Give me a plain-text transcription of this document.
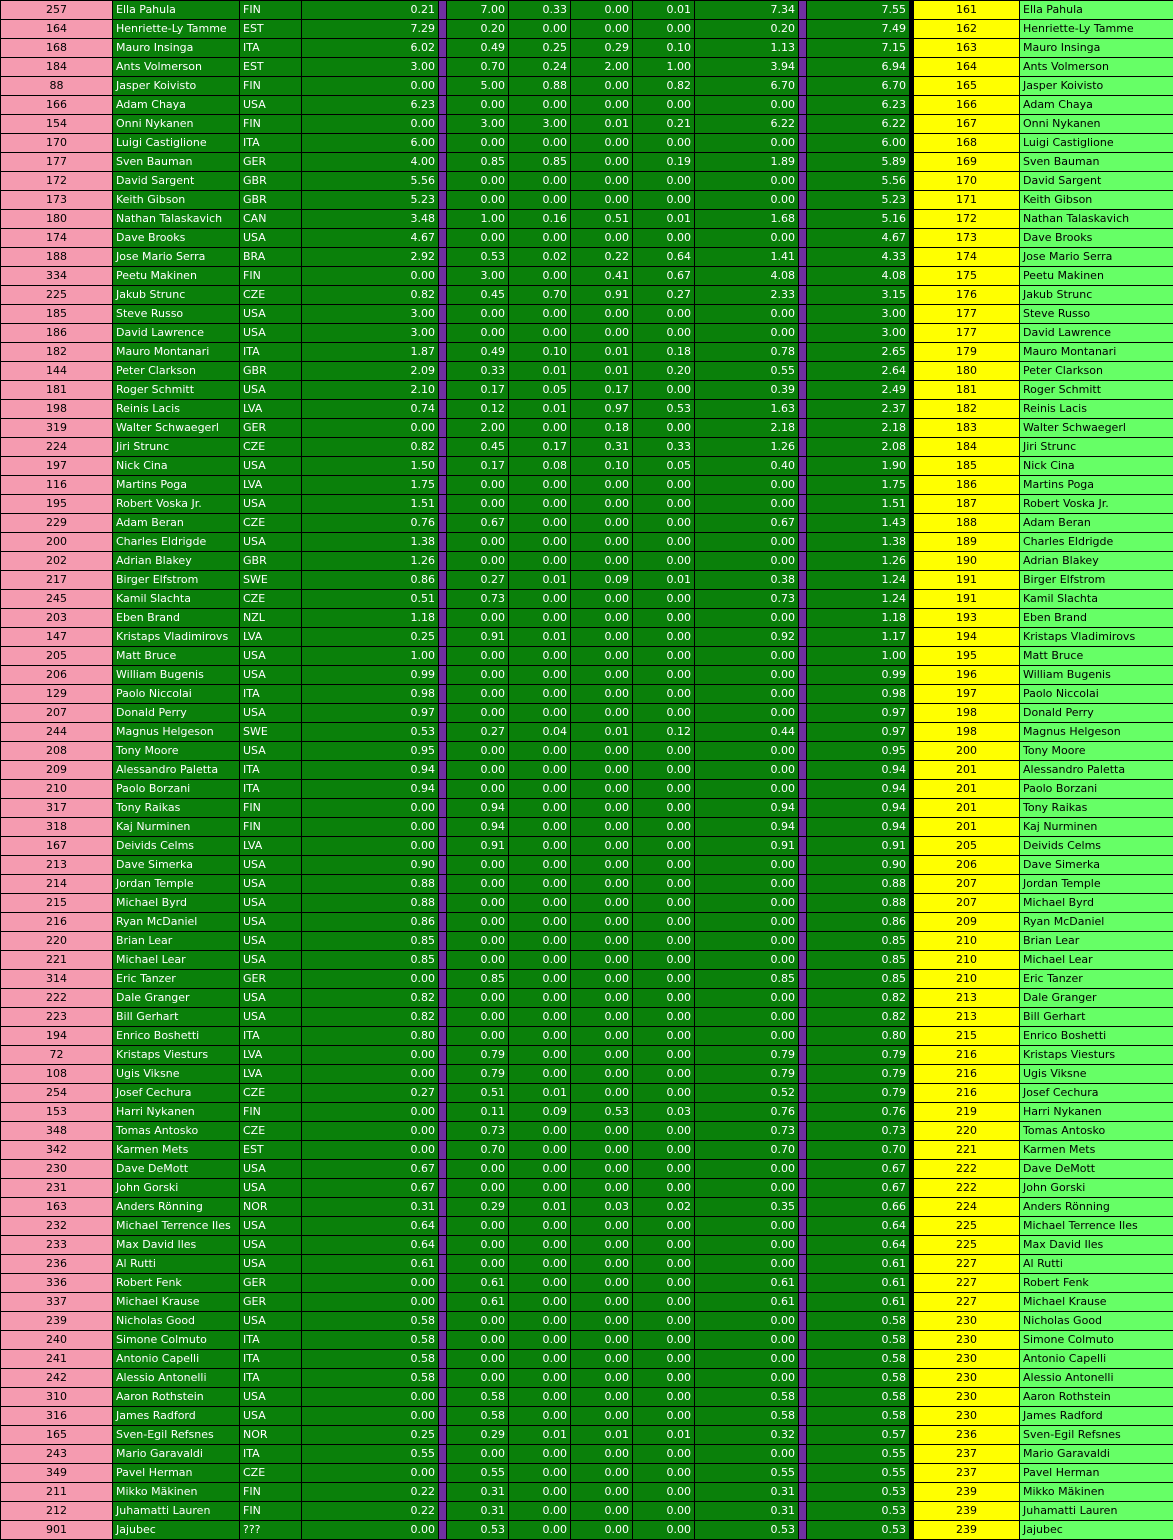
257	Ella Pahula	FIN	0.21		7.00	0.33	0.00	0.01	7.34		7.55		161	Ella Pahula
164	Henriette-Ly Tamme	EST	7.29		0.20	0.00	0.00	0.00	0.20		7.49		162	Henriette-Ly Tamme
168	Mauro Insinga	ITA	6.02		0.49	0.25	0.29	0.10	1.13		7.15		163	Mauro Insinga
184	Ants Volmerson	EST	3.00		0.70	0.24	2.00	1.00	3.94		6.94		164	Ants Volmerson
88	Jasper Koivisto	FIN	0.00		5.00	0.88	0.00	0.82	6.70		6.70		165	Jasper Koivisto
166	Adam Chaya	USA	6.23		0.00	0.00	0.00	0.00	0.00		6.23		166	Adam Chaya
154	Onni Nykanen	FIN	0.00		3.00	3.00	0.01	0.21	6.22		6.22		167	Onni Nykanen
170	Luigi Castiglione	ITA	6.00		0.00	0.00	0.00	0.00	0.00		6.00		168	Luigi Castiglione
177	Sven Bauman	GER	4.00		0.85	0.85	0.00	0.19	1.89		5.89		169	Sven Bauman
172	David Sargent	GBR	5.56		0.00	0.00	0.00	0.00	0.00		5.56		170	David Sargent
173	Keith Gibson	GBR	5.23		0.00	0.00	0.00	0.00	0.00		5.23		171	Keith Gibson
180	Nathan Talaskavich	CAN	3.48		1.00	0.16	0.51	0.01	1.68		5.16		172	Nathan Talaskavich
174	Dave Brooks	USA	4.67		0.00	0.00	0.00	0.00	0.00		4.67		173	Dave Brooks
188	Jose Mario Serra	BRA	2.92		0.53	0.02	0.22	0.64	1.41		4.33		174	Jose Mario Serra
334	Peetu Makinen	FIN	0.00		3.00	0.00	0.41	0.67	4.08		4.08		175	Peetu Makinen
225	Jakub Strunc	CZE	0.82		0.45	0.70	0.91	0.27	2.33		3.15		176	Jakub Strunc
185	Steve Russo	USA	3.00		0.00	0.00	0.00	0.00	0.00		3.00		177	Steve Russo
186	David Lawrence	USA	3.00		0.00	0.00	0.00	0.00	0.00		3.00		177	David Lawrence
182	Mauro Montanari	ITA	1.87		0.49	0.10	0.01	0.18	0.78		2.65		179	Mauro Montanari
144	Peter Clarkson	GBR	2.09		0.33	0.01	0.01	0.20	0.55		2.64		180	Peter Clarkson
181	Roger Schmitt	USA	2.10		0.17	0.05	0.17	0.00	0.39		2.49		181	Roger Schmitt
198	Reinis Lacis	LVA	0.74		0.12	0.01	0.97	0.53	1.63		2.37		182	Reinis Lacis
319	Walter Schwaegerl	GER	0.00		2.00	0.00	0.18	0.00	2.18		2.18		183	Walter Schwaegerl
224	Jiri Strunc	CZE	0.82		0.45	0.17	0.31	0.33	1.26		2.08		184	Jiri Strunc
197	Nick Cina	USA	1.50		0.17	0.08	0.10	0.05	0.40		1.90		185	Nick Cina
116	Martins Poga	LVA	1.75		0.00	0.00	0.00	0.00	0.00		1.75		186	Martins Poga
195	Robert Voska Jr.	USA	1.51		0.00	0.00	0.00	0.00	0.00		1.51		187	Robert Voska Jr.
229	Adam Beran	CZE	0.76		0.67	0.00	0.00	0.00	0.67		1.43		188	Adam Beran
200	Charles Eldrigde	USA	1.38		0.00	0.00	0.00	0.00	0.00		1.38		189	Charles Eldrigde
202	Adrian Blakey	GBR	1.26		0.00	0.00	0.00	0.00	0.00		1.26		190	Adrian Blakey
217	Birger Elfstrom	SWE	0.86		0.27	0.01	0.09	0.01	0.38		1.24		191	Birger Elfstrom
245	Kamil Slachta	CZE	0.51		0.73	0.00	0.00	0.00	0.73		1.24		191	Kamil Slachta
203	Eben Brand	NZL	1.18		0.00	0.00	0.00	0.00	0.00		1.18		193	Eben Brand
147	Kristaps Vladimirovs	LVA	0.25		0.91	0.01	0.00	0.00	0.92		1.17		194	Kristaps Vladimirovs
205	Matt Bruce	USA	1.00		0.00	0.00	0.00	0.00	0.00		1.00		195	Matt Bruce
206	William Bugenis	USA	0.99		0.00	0.00	0.00	0.00	0.00		0.99		196	William Bugenis
129	Paolo Niccolai	ITA	0.98		0.00	0.00	0.00	0.00	0.00		0.98		197	Paolo Niccolai
207	Donald Perry	USA	0.97		0.00	0.00	0.00	0.00	0.00		0.97		198	Donald Perry
244	Magnus Helgeson	SWE	0.53		0.27	0.04	0.01	0.12	0.44		0.97		198	Magnus Helgeson
208	Tony Moore	USA	0.95		0.00	0.00	0.00	0.00	0.00		0.95		200	Tony Moore
209	Alessandro Paletta	ITA	0.94		0.00	0.00	0.00	0.00	0.00		0.94		201	Alessandro Paletta
210	Paolo Borzani	ITA	0.94		0.00	0.00	0.00	0.00	0.00		0.94		201	Paolo Borzani
317	Tony Raikas	FIN	0.00		0.94	0.00	0.00	0.00	0.94		0.94		201	Tony Raikas
318	Kaj Nurminen	FIN	0.00		0.94	0.00	0.00	0.00	0.94		0.94		201	Kaj Nurminen
167	Deivids Celms	LVA	0.00		0.91	0.00	0.00	0.00	0.91		0.91		205	Deivids Celms
213	Dave Simerka	USA	0.90		0.00	0.00	0.00	0.00	0.00		0.90		206	Dave Simerka
214	Jordan Temple	USA	0.88		0.00	0.00	0.00	0.00	0.00		0.88		207	Jordan Temple
215	Michael Byrd	USA	0.88		0.00	0.00	0.00	0.00	0.00		0.88		207	Michael Byrd
216	Ryan McDaniel	USA	0.86		0.00	0.00	0.00	0.00	0.00		0.86		209	Ryan McDaniel
220	Brian Lear	USA	0.85		0.00	0.00	0.00	0.00	0.00		0.85		210	Brian Lear
221	Michael Lear	USA	0.85		0.00	0.00	0.00	0.00	0.00		0.85		210	Michael Lear
314	Eric Tanzer	GER	0.00		0.85	0.00	0.00	0.00	0.85		0.85		210	Eric Tanzer
222	Dale Granger	USA	0.82		0.00	0.00	0.00	0.00	0.00		0.82		213	Dale Granger
223	Bill Gerhart	USA	0.82		0.00	0.00	0.00	0.00	0.00		0.82		213	Bill Gerhart
194	Enrico Boshetti	ITA	0.80		0.00	0.00	0.00	0.00	0.00		0.80		215	Enrico Boshetti
72	Kristaps Viesturs	LVA	0.00		0.79	0.00	0.00	0.00	0.79		0.79		216	Kristaps Viesturs
108	Ugis Viksne	LVA	0.00		0.79	0.00	0.00	0.00	0.79		0.79		216	Ugis Viksne
254	Josef Cechura	CZE	0.27		0.51	0.01	0.00	0.00	0.52		0.79		216	Josef Cechura
153	Harri Nykanen	FIN	0.00		0.11	0.09	0.53	0.03	0.76		0.76		219	Harri Nykanen
348	Tomas Antosko	CZE	0.00		0.73	0.00	0.00	0.00	0.73		0.73		220	Tomas Antosko
342	Karmen Mets	EST	0.00		0.70	0.00	0.00	0.00	0.70		0.70		221	Karmen Mets
230	Dave DeMott	USA	0.67		0.00	0.00	0.00	0.00	0.00		0.67		222	Dave DeMott
231	John Gorski	USA	0.67		0.00	0.00	0.00	0.00	0.00		0.67		222	John Gorski
163	Anders Rönning	NOR	0.31		0.29	0.01	0.03	0.02	0.35		0.66		224	Anders Rönning
232	Michael Terrence Iles	USA	0.64		0.00	0.00	0.00	0.00	0.00		0.64		225	Michael Terrence Iles
233	Max David Iles	USA	0.64		0.00	0.00	0.00	0.00	0.00		0.64		225	Max David Iles
236	Al Rutti	USA	0.61		0.00	0.00	0.00	0.00	0.00		0.61		227	Al Rutti
336	Robert Fenk	GER	0.00		0.61	0.00	0.00	0.00	0.61		0.61		227	Robert Fenk
337	Michael Krause	GER	0.00		0.61	0.00	0.00	0.00	0.61		0.61		227	Michael Krause
239	Nicholas Good	USA	0.58		0.00	0.00	0.00	0.00	0.00		0.58		230	Nicholas Good
240	Simone Colmuto	ITA	0.58		0.00	0.00	0.00	0.00	0.00		0.58		230	Simone Colmuto
241	Antonio Capelli	ITA	0.58		0.00	0.00	0.00	0.00	0.00		0.58		230	Antonio Capelli
242	Alessio Antonelli	ITA	0.58		0.00	0.00	0.00	0.00	0.00		0.58		230	Alessio Antonelli
310	Aaron Rothstein	USA	0.00		0.58	0.00	0.00	0.00	0.58		0.58		230	Aaron Rothstein
316	James Radford	USA	0.00		0.58	0.00	0.00	0.00	0.58		0.58		230	James Radford
165	Sven-Egil Refsnes	NOR	0.25		0.29	0.01	0.01	0.01	0.32		0.57		236	Sven-Egil Refsnes
243	Mario Garavaldi	ITA	0.55		0.00	0.00	0.00	0.00	0.00		0.55		237	Mario Garavaldi
349	Pavel Herman	CZE	0.00		0.55	0.00	0.00	0.00	0.55		0.55		237	Pavel Herman
211	Mikko Mäkinen	FIN	0.22		0.31	0.00	0.00	0.00	0.31		0.53		239	Mikko Mäkinen
212	Juhamatti Lauren	FIN	0.22		0.31	0.00	0.00	0.00	0.31		0.53		239	Juhamatti Lauren
901	Jajubec	???	0.00		0.53	0.00	0.00	0.00	0.53		0.53		239	Jajubec
